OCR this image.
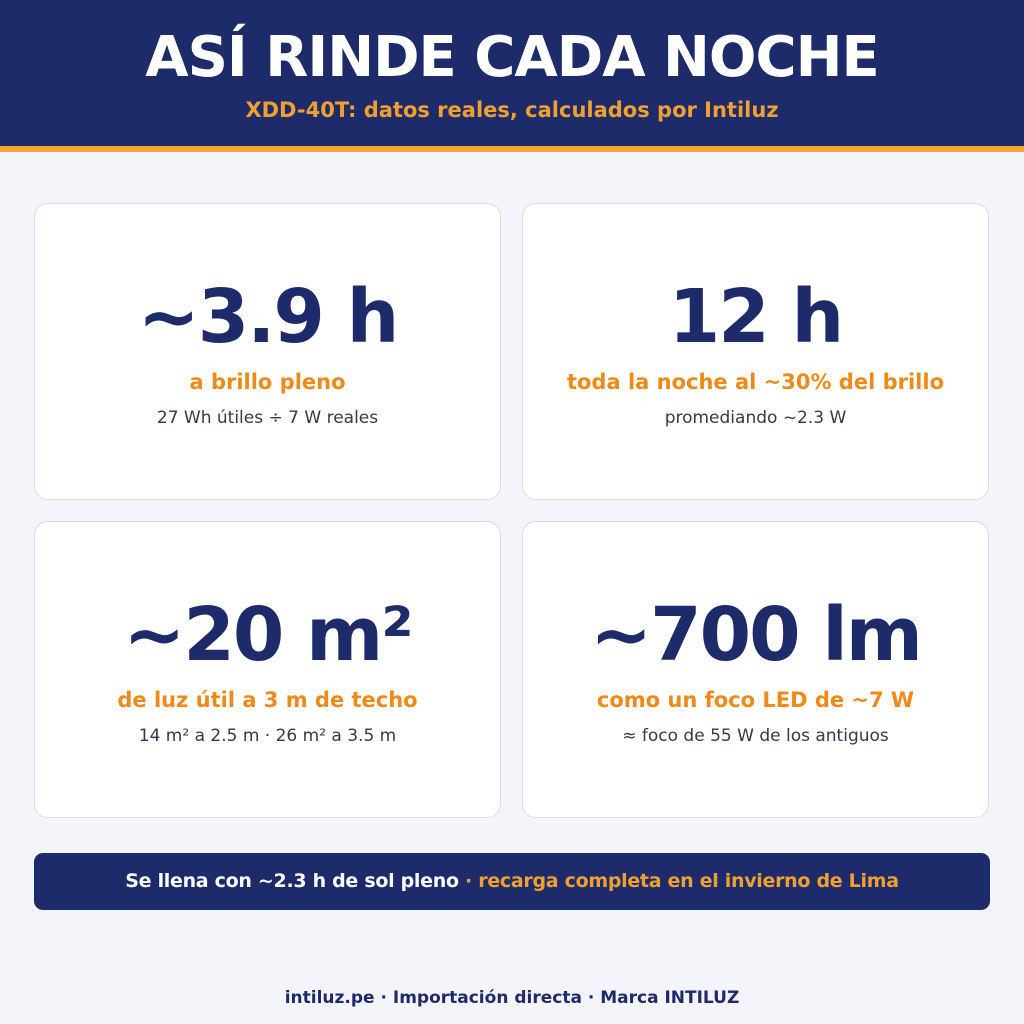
ASÍ RINDE CADA NOCHE
XDD-40T: datos reales, calculados por Intiluz
~3.9 h
a brillo pleno
27 Wh útiles ÷ 7 W reales
12 h
toda la noche al ~30% del brillo
promediando ~2.3 W
~20 m²
de luz útil a 3 m de techo
14 m² a 2.5 m · 26 m² a 3.5 m
~700 lm
como un foco LED de ~7 W
≈ foco de 55 W de los antiguos
Se llena con ~2.3 h de sol pleno · recarga completa en el invierno de Lima
intiluz.pe · Importación directa · Marca INTILUZ
